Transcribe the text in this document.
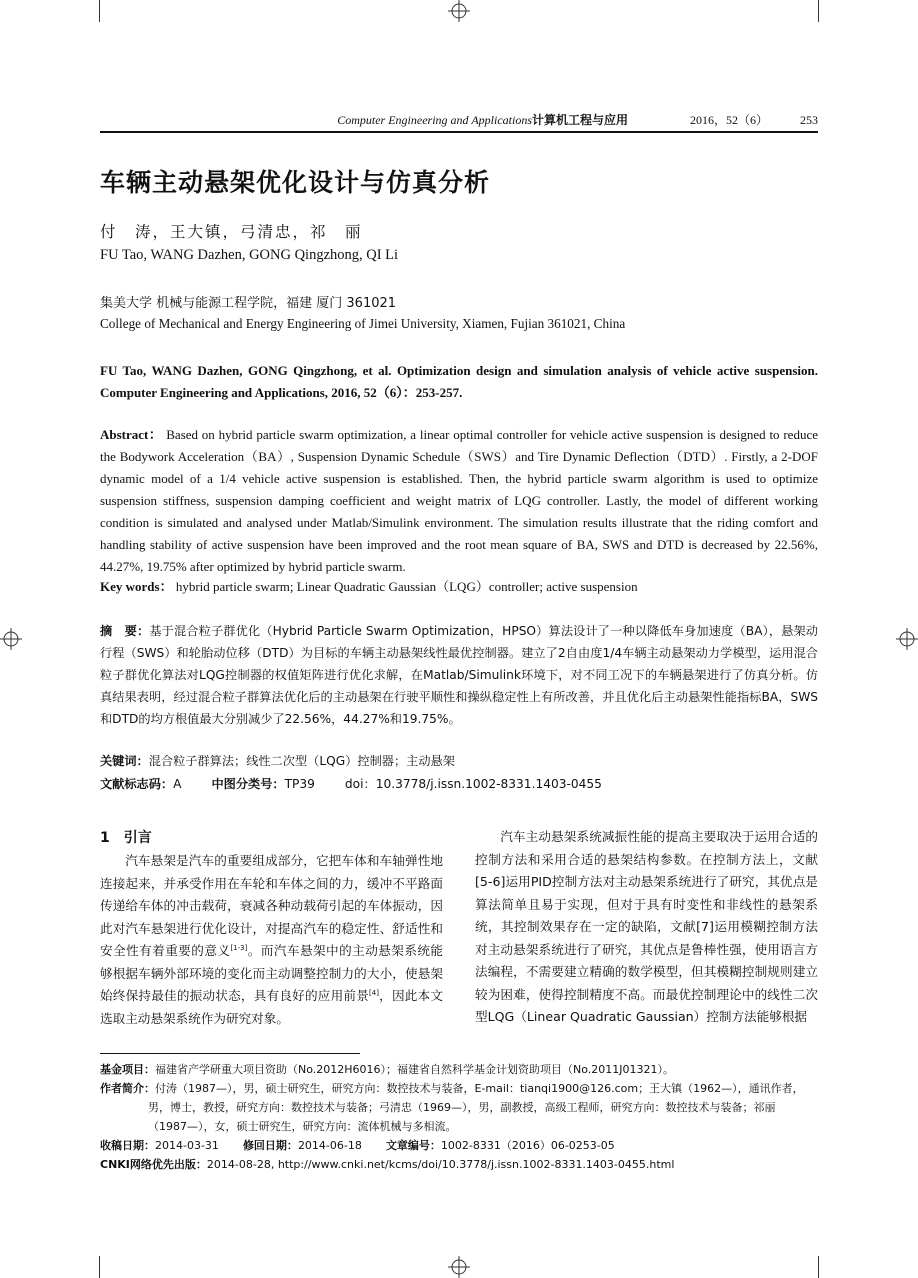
Computer Engineering and Applications计算机工程与应用	2016，52（6）	253
车辆主动悬架优化设计与仿真分析
付　涛，王大镇，弓清忠，祁　丽
FU Tao, WANG Dazhen, GONG Qingzhong, QI Li
集美大学 机械与能源工程学院，福建 厦门 361021
College of Mechanical and Energy Engineering of Jimei University, Xiamen, Fujian 361021, China
FU Tao, WANG Dazhen, GONG Qingzhong, et al. Optimization design and simulation analysis of vehicle active suspension. Computer Engineering and Applications, 2016, 52（6）：253-257.
Abstract： Based on hybrid particle swarm optimization, a linear optimal controller for vehicle active suspension is designed to reduce the Bodywork Acceleration（BA）, Suspension Dynamic Schedule（SWS）and Tire Dynamic Deflection（DTD）. Firstly, a 2-DOF dynamic model of a 1/4 vehicle active suspension is established. Then, the hybrid particle swarm algorithm is used to optimize suspension stiffness, suspension damping coefficient and weight matrix of LQG controller. Lastly, the model of different working condition is simulated and analysed under Matlab/Simulink environment. The simulation results illustrate that the riding comfort and handling stability of active suspension have been improved and the root mean square of BA, SWS and DTD is decreased by 22.56%, 44.27%, 19.75% after optimized by hybrid particle swarm.
Key words： hybrid particle swarm; Linear Quadratic Gaussian（LQG）controller; active suspension
摘　要：基于混合粒子群优化（Hybrid Particle Swarm Optimization，HPSO）算法设计了一种以降低车身加速度（BA），悬架动行程（SWS）和轮胎动位移（DTD）为目标的车辆主动悬架线性最优控制器。建立了2自由度1/4车辆主动悬架动力学模型，运用混合粒子群优化算法对LQG控制器的权值矩阵进行优化求解，在Matlab/Simulink环境下，对不同工况下的车辆悬架进行了仿真分析。仿真结果表明，经过混合粒子群算法优化后的主动悬架在行驶平顺性和操纵稳定性上有所改善，并且优化后主动悬架性能指标BA，SWS和DTD的均方根值最大分别减少了22.56%，44.27%和19.75%。
关键词：混合粒子群算法；线性二次型（LQG）控制器；主动悬架
文献标志码：A 中图分类号：TP39 doi：10.3778/j.issn.1002-8331.1403-0455
1　引言

汽车悬架是汽车的重要组成部分，它把车体和车轴弹性地连接起来，并承受作用在车轮和车体之间的力，缓冲不平路面传递给车体的冲击载荷，衰减各种动载荷引起的车体振动，因此对汽车悬架进行优化设计，对提高汽车的稳定性、舒适性和安全性有着重要的意义[1-3]。而汽车悬架中的主动悬架系统能够根据车辆外部环境的变化而主动调整控制力的大小，使悬架始终保持最佳的振动状态，具有良好的应用前景[4]，因此本文选取主动悬架系统作为研究对象。

汽车主动悬架系统减振性能的提高主要取决于运用合适的控制方法和采用合适的悬架结构参数。在控制方法上，文献[5-6]运用PID控制方法对主动悬架系统进行了研究，其优点是算法简单且易于实现，但对于具有时变性和非线性的悬架系统，其控制效果存在一定的缺陷，文献[7]运用模糊控制方法对主动悬架系统进行了研究，其优点是鲁棒性强，使用语言方法编程，不需要建立精确的数学模型，但其模糊控制规则建立较为困难，使得控制精度不高。而最优控制理论中的线性二次型LQG（Linear Quadratic Gaussian）控制方法能够根据

基金项目：福建省产学研重大项目资助（No.2012H6016）；福建省自然科学基金计划资助项目（No.2011J01321）。

作者简介：付涛（1987—），男，硕士研究生，研究方向：数控技术与装备，E-mail：tianqi1900@126.com；王大镇（1962—），通讯作者，

男，博士，教授，研究方向：数控技术与装备；弓清忠（1969—），男，副教授，高级工程师，研究方向：数控技术与装备；祁丽

（1987—），女，硕士研究生，研究方向：流体机械与多相流。

收稿日期：2014-03-31 修回日期：2014-06-18 文章编号：1002-8331（2016）06-0253-05

CNKI网络优先出版：2014-08-28, http://www.cnki.net/kcms/doi/10.3778/j.issn.1002-8331.1403-0455.html
